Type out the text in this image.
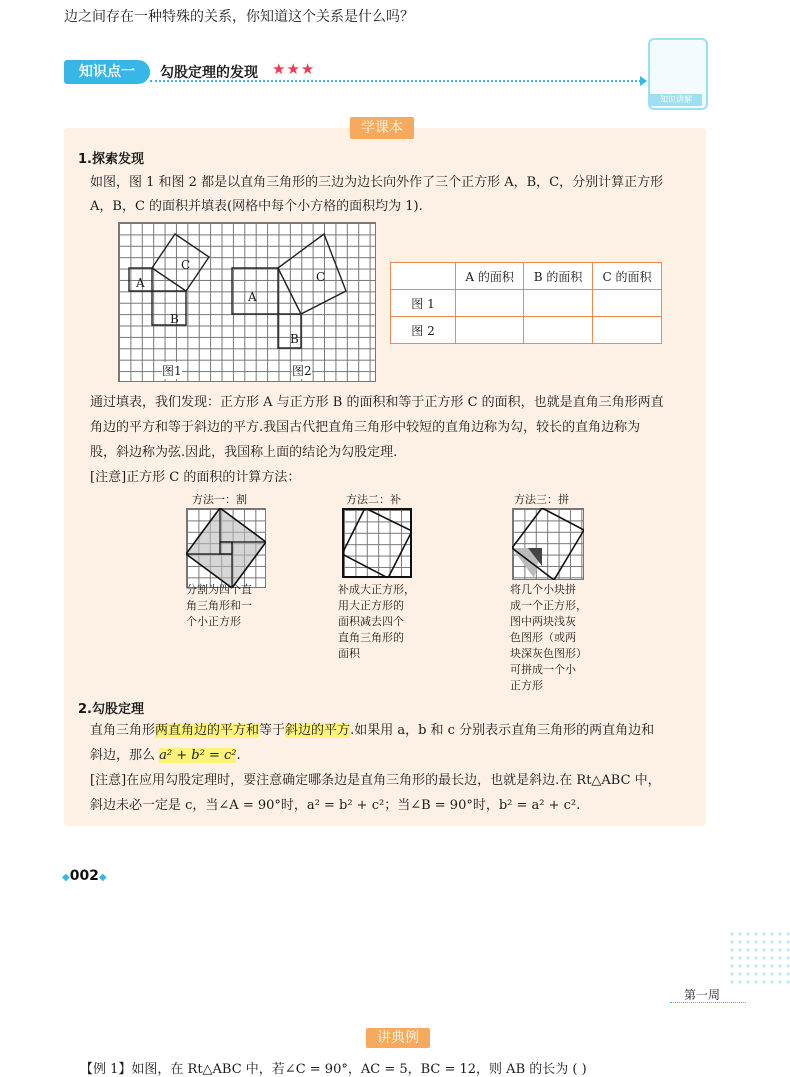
边之间存在一种特殊的关系，你知道这个关系是什么吗？
知识点一	勾股定理的发现 ★★★
知识讲解
学课本
1.探索发现
如图，图 1 和图 2 都是以直角三角形的三边为边长向外作了三个正方形 A，B，C，分别计算正方形
A，B，C 的面积并填表(网格中每个小方格的面积均为 1).
A
B
C
A
B
C
图1	图2
	A 的面积	B 的面积	C 的面积
图 1			
图 2			
通过填表，我们发现：正方形 A 与正方形 B 的面积和等于正方形 C 的面积，也就是直角三角形两直
角边的平方和等于斜边的平方.我国古代把直角三角形中较短的直角边称为勾，较长的直角边称为
股，斜边称为弦.因此，我国称上面的结论为勾股定理.
[注意]正方形 C 的面积的计算方法：
方法一：割
分割为四个直
角三角形和一
个小正方形
方法二：补
补成大正方形，
用大正方形的
面积减去四个
直角三角形的
面积
方法三：拼
将几个小块拼
成一个正方形，
图中两块浅灰
色图形（或两
块深灰色图形）
可拼成一个小
正方形
2.勾股定理
直角三角形两直角边的平方和等于斜边的平方.如果用 a，b 和 c 分别表示直角三角形的两直角边和
斜边，那么 a² + b² = c².
[注意]在应用勾股定理时，要注意确定哪条边是直角三角形的最长边，也就是斜边.在 Rt△ABC 中，
斜边未必一定是 c，当∠A = 90°时，a² = b² + c²；当∠B = 90°时，b² = a² + c².
◆002◆
第一周
讲典例
【例 1】如图，在 Rt△ABC 中，若∠C = 90°，AC = 5，BC = 12，则 AB 的长为 ( )
